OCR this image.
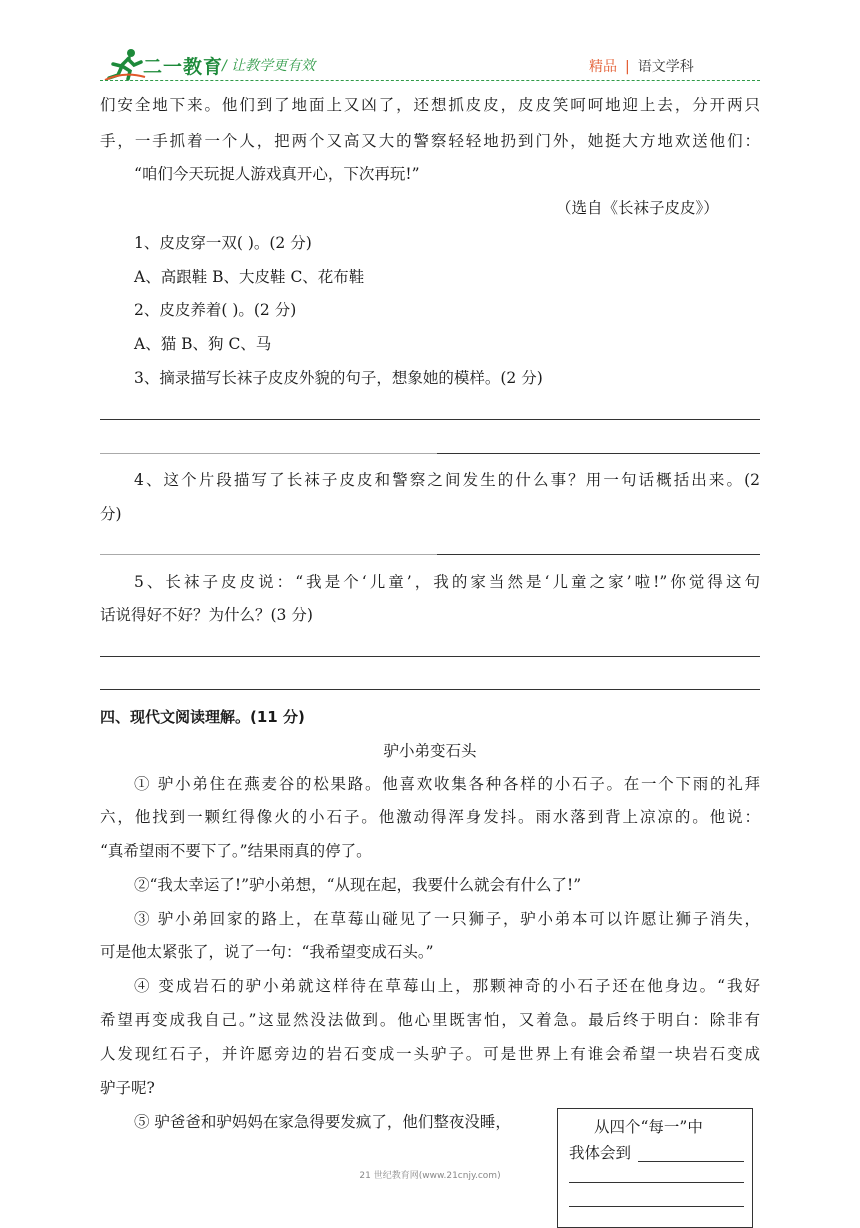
二一教育
/ 让教学更有效	精品 | 语文学科
们安全地下来。他们到了地面上又凶了，还想抓皮皮，皮皮笑呵呵地迎上去，分开两只
手，一手抓着一个人，把两个又高又大的警察轻轻地扔到门外，她挺大方地欢送他们：
“咱们今天玩捉人游戏真开心，下次再玩!”
（选自《长袜子皮皮》）
1、皮皮穿一双( )。(2 分)
A、高跟鞋 B、大皮鞋 C、花布鞋
2、皮皮养着( )。(2 分)
A、猫 B、狗 C、马
3、摘录描写长袜子皮皮外貌的句子，想象她的模样。(2 分)
4、这个片段描写了长袜子皮皮和警察之间发生的什么事？用一句话概括出来。(2
分)
5、长袜子皮皮说：“我是个‘儿童’，我的家当然是‘儿童之家’啦!”你觉得这句
话说得好不好？为什么？(3 分)
四、现代文阅读理解。(11 分)
驴小弟变石头
① 驴小弟住在燕麦谷的松果路。他喜欢收集各种各样的小石子。在一个下雨的礼拜
六，他找到一颗红得像火的小石子。他激动得浑身发抖。雨水落到背上凉凉的。他说：
“真希望雨不要下了。”结果雨真的停了。
②“我太幸运了!”驴小弟想，“从现在起，我要什么就会有什么了!”
③ 驴小弟回家的路上，在草莓山碰见了一只狮子，驴小弟本可以许愿让狮子消失，
可是他太紧张了，说了一句：“我希望变成石头。”
④ 变成岩石的驴小弟就这样待在草莓山上，那颗神奇的小石子还在他身边。“我好
希望再变成我自己。”这显然没法做到。他心里既害怕，又着急。最后终于明白：除非有
人发现红石子，并许愿旁边的岩石变成一头驴子。可是世界上有谁会希望一块岩石变成
驴子呢?
⑤ 驴爸爸和驴妈妈在家急得要发疯了，他们整夜没睡，	从四个“每一”中
我体会到
21 世纪教育网(www.21cnjy.com)
